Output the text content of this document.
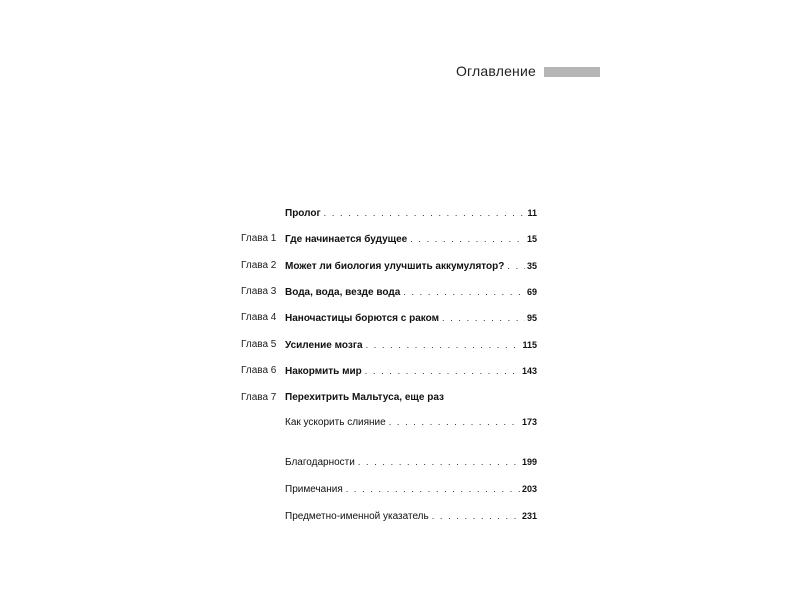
Оглавление
Пролог . . .	11
Глава 1 Где начинается будущее . . .	15
Глава 2 Может ли биология улучшить аккумулятор? . . .	35
Глава 3 Вода, вода, везде вода . . .	69
Глава 4 Наночастицы борются с раком . . .	95
Глава 5 Усиление мозга . . .	115
Глава 6 Накормить мир . . .	143
Глава 7 Перехитрить Мальтуса, еще раз
Как ускорить слияние . . .	173
Благодарности . . .	199
Примечания . . .	203
Предметно-именной указатель . . .	231
